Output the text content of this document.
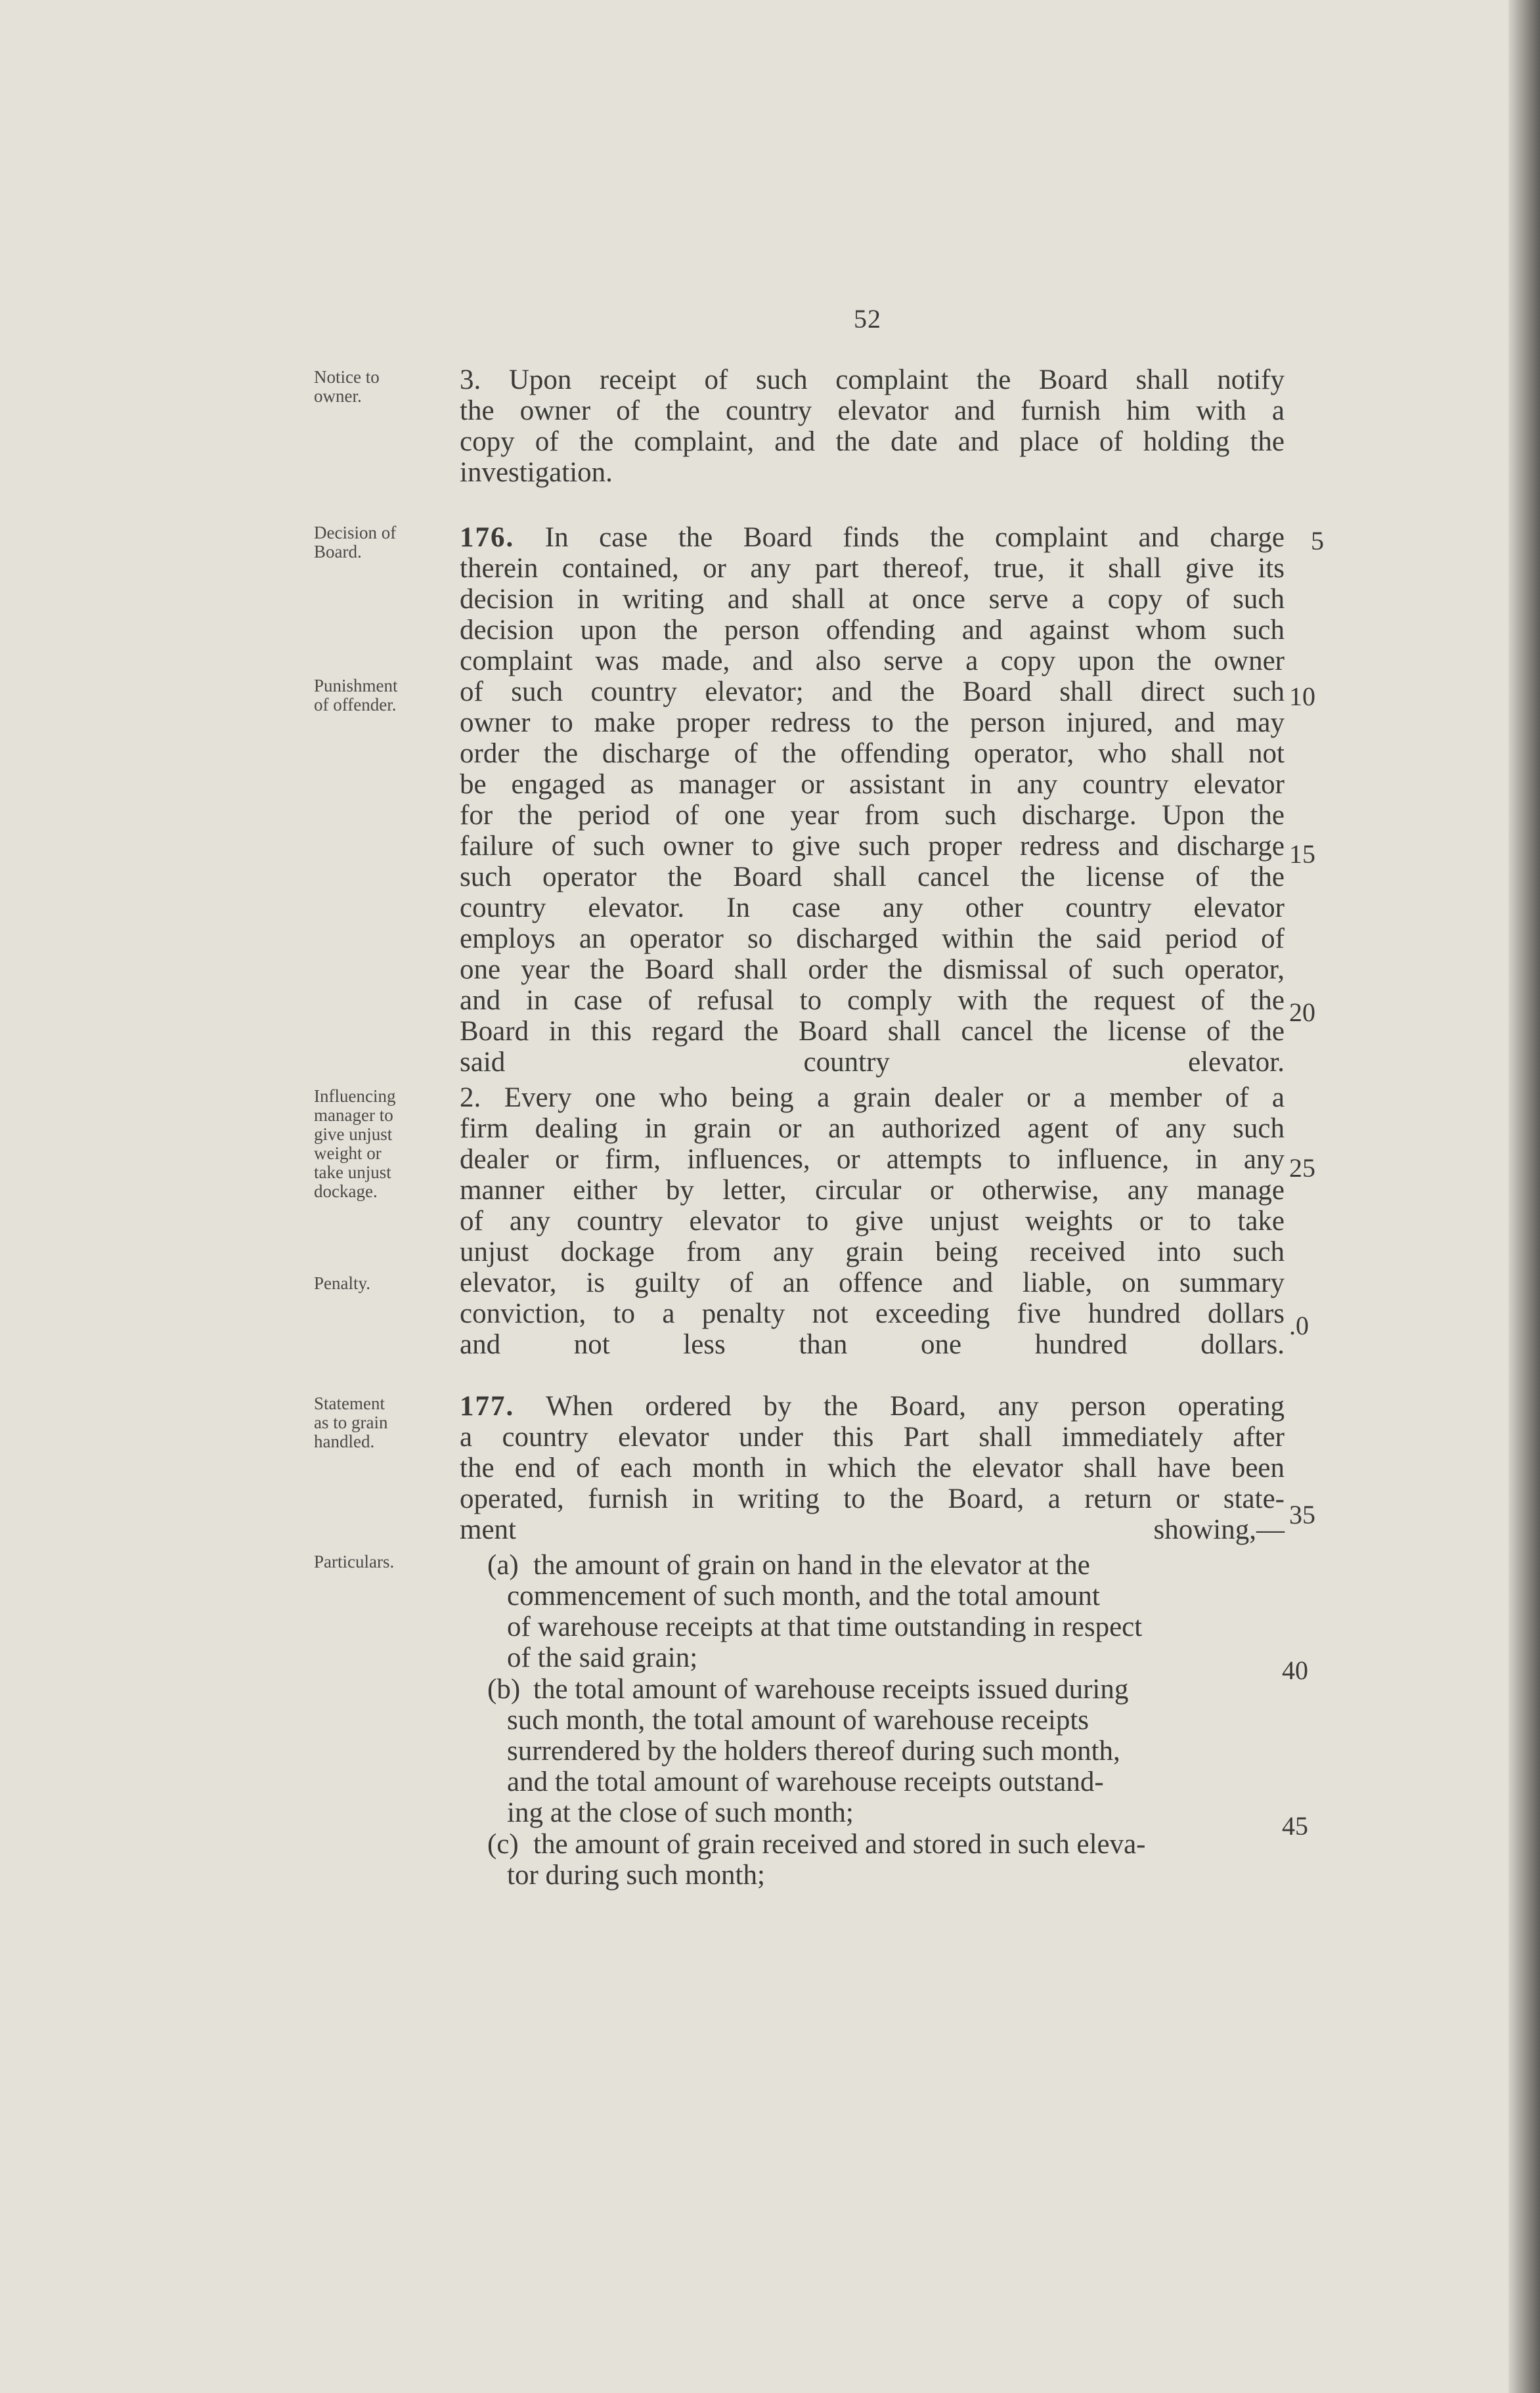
52
Notice to
owner.
Decision of
Board.
Punishment
of offender.
Influencing
manager to
give unjust
weight or
take unjust
dockage.
Penalty.
Statement
as to grain
handled.
Particulars.
3. Upon receipt of such complaint the Board shall notify
the owner of the country elevator and furnish him with a
copy of the complaint, and the date and place of holding the
investigation.
176. In case the Board finds the complaint and charge
therein contained, or any part thereof, true, it shall give its
decision in writing and shall at once serve a copy of such
decision upon the person offending and against whom such
complaint was made, and also serve a copy upon the owner
of such country elevator; and the Board shall direct such
owner to make proper redress to the person injured, and may
order the discharge of the offending operator, who shall not
be engaged as manager or assistant in any country elevator
for the period of one year from such discharge. Upon the
failure of such owner to give such proper redress and discharge
such operator the Board shall cancel the license of the
country elevator. In case any other country elevator
employs an operator so discharged within the said period of
one year the Board shall order the dismissal of such operator,
and in case of refusal to comply with the request of the
Board in this regard the Board shall cancel the license of the
said country elevator.
2. Every one who being a grain dealer or a member of a
firm dealing in grain or an authorized agent of any such
dealer or firm, influences, or attempts to influence, in any
manner either by letter, circular or otherwise, any manage
of any country elevator to give unjust weights or to take
unjust dockage from any grain being received into such
elevator, is guilty of an offence and liable, on summary
conviction, to a penalty not exceeding five hundred dollars
and not less than one hundred dollars.
177. When ordered by the Board, any person operating
a country elevator under this Part shall immediately after
the end of each month in which the elevator shall have been
operated, furnish in writing to the Board, a return or state-
ment showing,—
(a) the amount of grain on hand in the elevator at the
commencement of such month, and the total amount
of warehouse receipts at that time outstanding in respect
of the said grain;
(b) the total amount of warehouse receipts issued during
such month, the total amount of warehouse receipts
surrendered by the holders thereof during such month,
and the total amount of warehouse receipts outstand-
ing at the close of such month;
(c) the amount of grain received and stored in such eleva-
tor during such month;
5
10
15
20
25
.0
35
40
45
